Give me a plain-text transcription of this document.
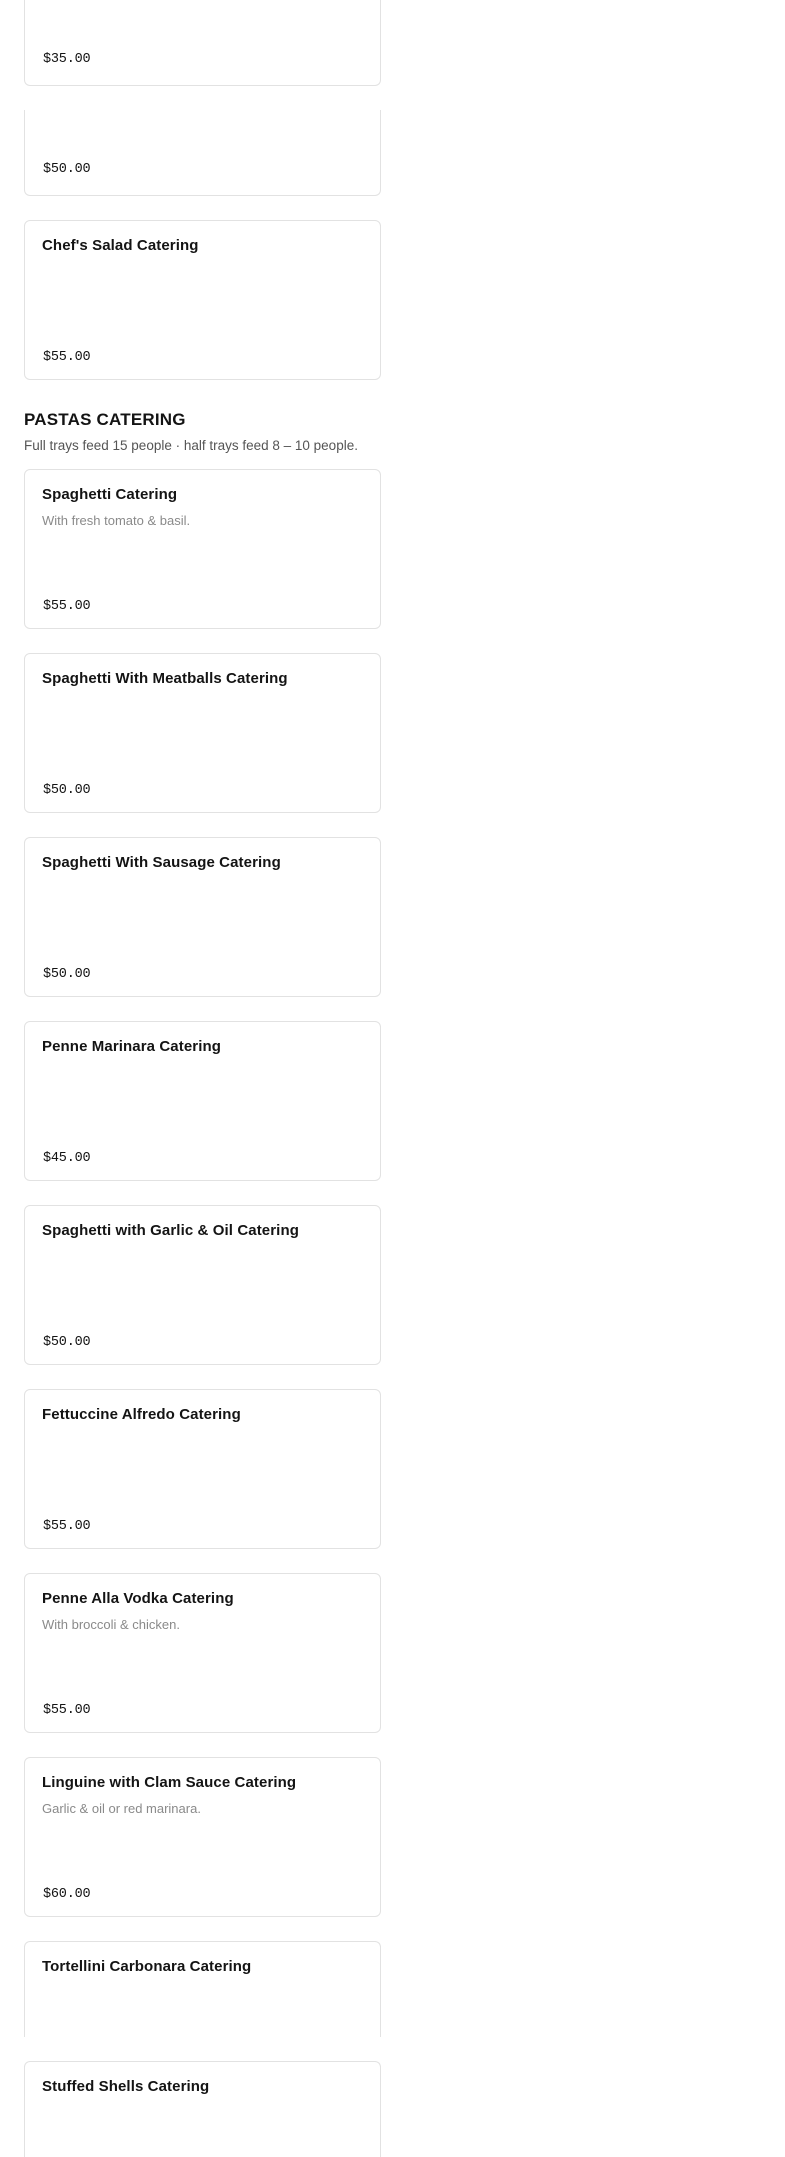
$35.00
$50.00
Chef's Salad Catering
$55.00
PASTAS CATERING
Full trays feed 15 people · half trays feed 8 – 10 people.
Spaghetti Catering
With fresh tomato & basil.
$55.00
Spaghetti With Meatballs Catering
$50.00
Spaghetti With Sausage Catering
$50.00
Penne Marinara Catering
$45.00
Spaghetti with Garlic & Oil Catering
$50.00
Fettuccine Alfredo Catering
$55.00
Penne Alla Vodka Catering
With broccoli & chicken.
$55.00
Linguine with Clam Sauce Catering
Garlic & oil or red marinara.
$60.00
Tortellini Carbonara Catering
Stuffed Shells Catering
